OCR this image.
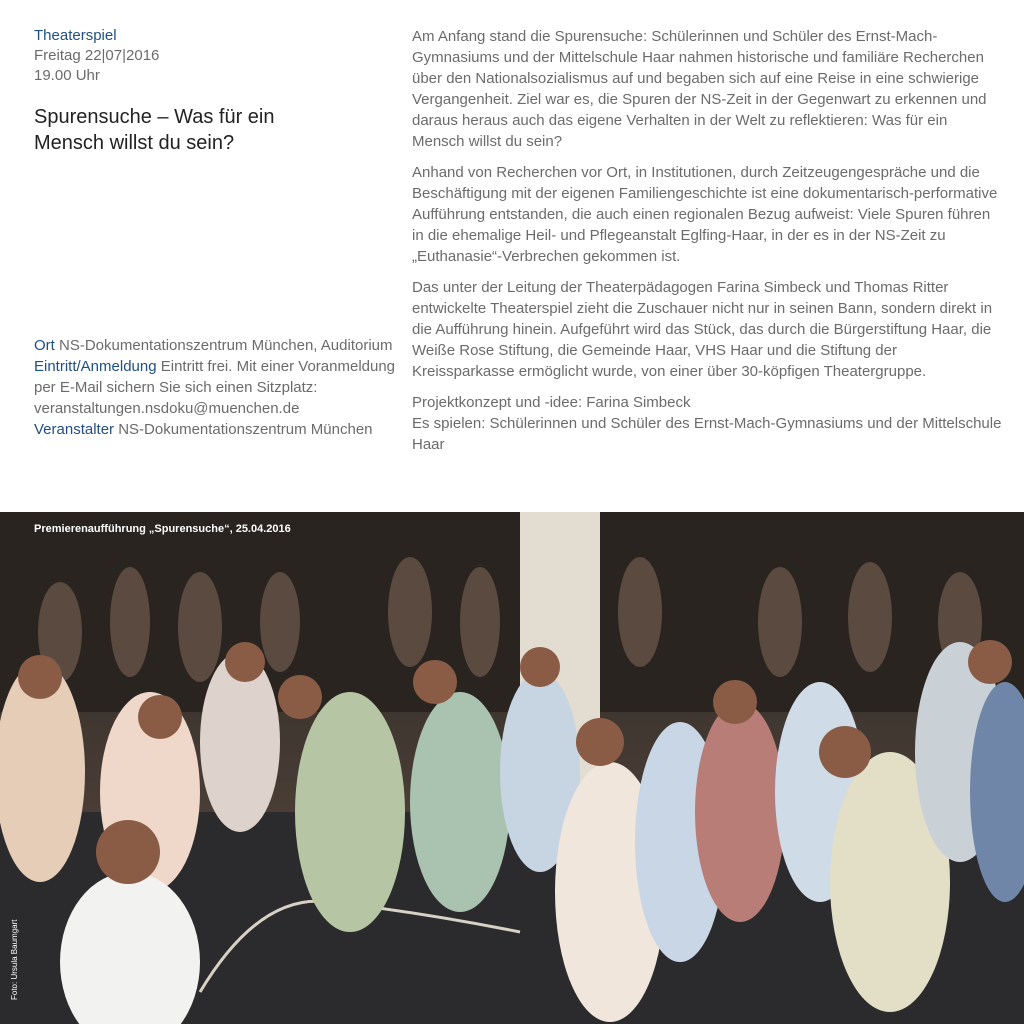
Theaterspiel
Freitag 22|07|2016
19.00 Uhr
Spurensuche – Was für ein
Mensch willst du sein?
Ort NS-Dokumentationszentrum München, Auditorium
Eintritt/Anmeldung Eintritt frei. Mit einer Voranmeldung per E-Mail sichern Sie sich einen Sitzplatz: veranstaltungen.nsdoku@muenchen.de
Veranstalter NS-Dokumentationszentrum München

Am Anfang stand die Spurensuche: Schülerinnen und Schüler des Ernst-Mach-Gymnasiums und der Mittelschule Haar nahmen historische und familiäre Recherchen über den Nationalsozialismus auf und begaben sich auf eine Reise in eine schwierige Vergangenheit. Ziel war es, die Spuren der NS-Zeit in der Gegenwart zu erkennen und daraus heraus auch das eigene Verhalten in der Welt zu reflektieren: Was für ein Mensch willst du sein?

Anhand von Recherchen vor Ort, in Institutionen, durch Zeitzeugengespräche und die Beschäftigung mit der eigenen Familiengeschichte ist eine dokumentarisch-performative Aufführung entstanden, die auch einen regionalen Bezug aufweist: Viele Spuren führen in die ehemalige Heil- und Pflegeanstalt Eglfing-Haar, in der es in der NS-Zeit zu „Euthanasie“-Verbrechen gekommen ist.

Das unter der Leitung der Theaterpädagogen Farina Simbeck und Thomas Ritter entwickelte Theaterspiel zieht die Zuschauer nicht nur in seinen Bann, sondern direkt in die Aufführung hinein. Aufgeführt wird das Stück, das durch die Bürgerstiftung Haar, die Weiße Rose Stiftung, die Gemeinde Haar, VHS Haar und die Stiftung der Kreissparkasse ermöglicht wurde, von einer über 30-köpfigen Theatergruppe.

Projektkonzept und -idee: Farina Simbeck
Es spielen: Schülerinnen und Schüler des Ernst-Mach-Gymnasiums und der Mittelschule Haar
Premierenaufführung „Spurensuche“, 25.04.2016
Foto: Ursula Baumgart
